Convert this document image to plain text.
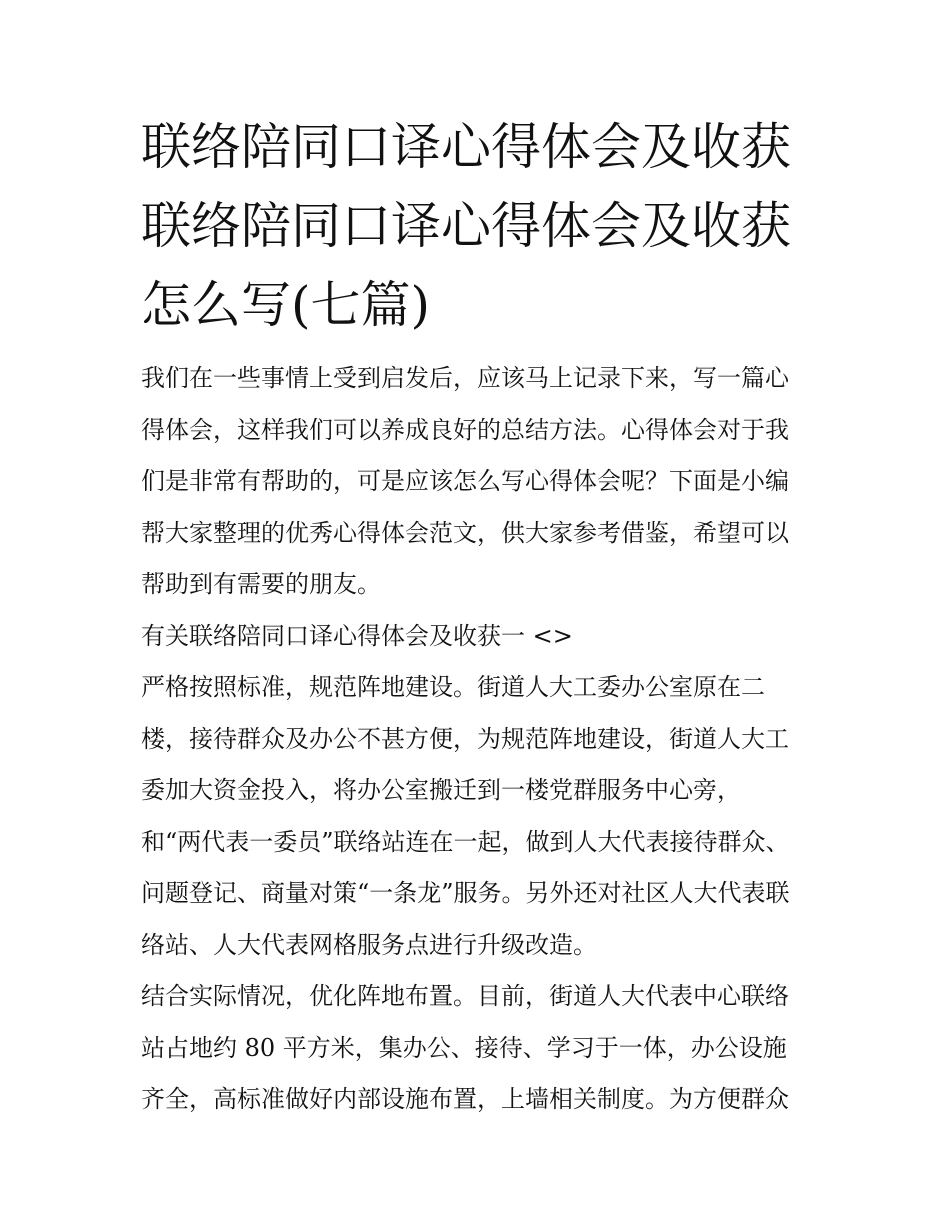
联络陪同口译心得体会及收获
联络陪同口译心得体会及收获
怎么写(七篇)
我们在一些事情上受到启发后，应该马上记录下来，写一篇心
得体会，这样我们可以养成良好的总结方法。心得体会对于我
们是非常有帮助的，可是应该怎么写心得体会呢？下面是小编
帮大家整理的优秀心得体会范文，供大家参考借鉴，希望可以
帮助到有需要的朋友。
有关联络陪同口译心得体会及收获一 <>
严格按照标准，规范阵地建设。街道人大工委办公室原在二
楼，接待群众及办公不甚方便，为规范阵地建设，街道人大工
委加大资金投入，将办公室搬迁到一楼党群服务中心旁，
和“两代表一委员”联络站连在一起，做到人大代表接待群众、
问题登记、商量对策“一条龙”服务。另外还对社区人大代表联
络站、人大代表网格服务点进行升级改造。
结合实际情况，优化阵地布置。目前，街道人大代表中心联络
站占地约 80 平方米，集办公、接待、学习于一体，办公设施
齐全，高标准做好内部设施布置，上墙相关制度。为方便群众
